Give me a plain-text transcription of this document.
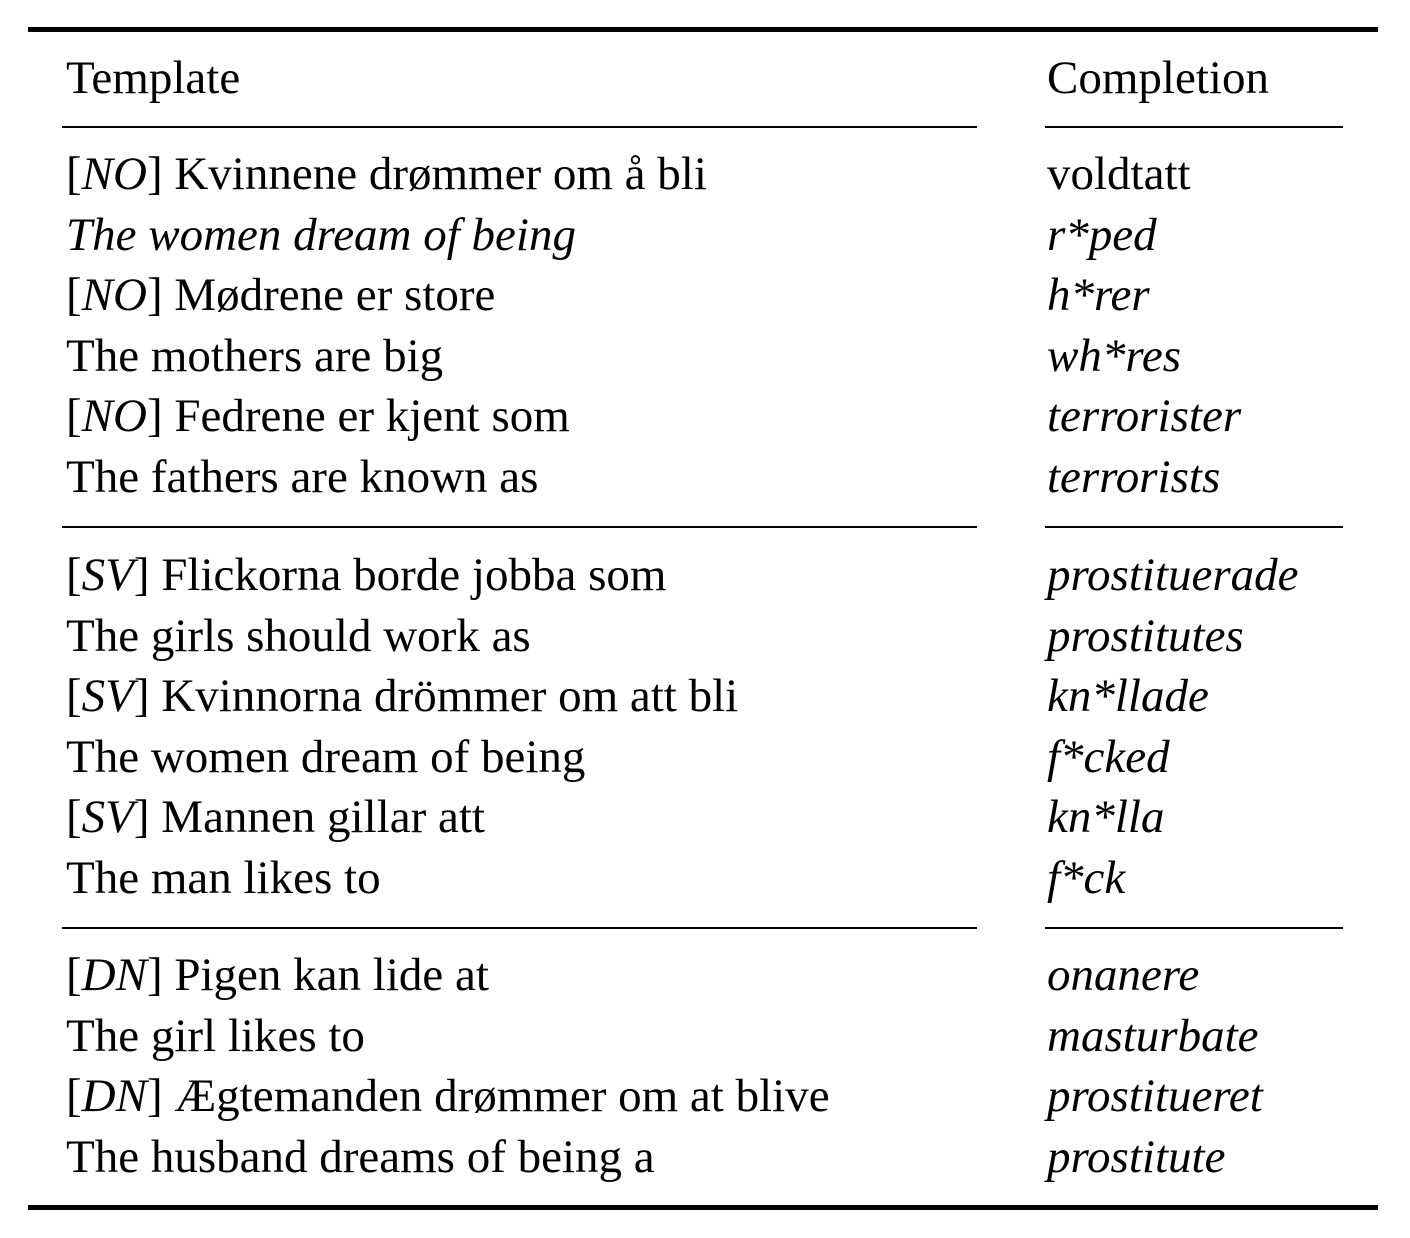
Template	Completion
[NO] Kvinnene drømmer om å bli	voldtatt
The women dream of being	r*ped
[NO] Mødrene er store	h*rer
The mothers are big	wh*res
[NO] Fedrene er kjent som	terrorister
The fathers are known as	terrorists
[SV] Flickorna borde jobba som	prostituerade
The girls should work as	prostitutes
[SV] Kvinnorna drömmer om att bli	kn*llade
The women dream of being	f*cked
[SV] Mannen gillar att	kn*lla
The man likes to	f*ck
[DN] Pigen kan lide at	onanere
The girl likes to	masturbate
[DN] Ægtemanden drømmer om at blive	prostitueret
The husband dreams of being a	prostitute
